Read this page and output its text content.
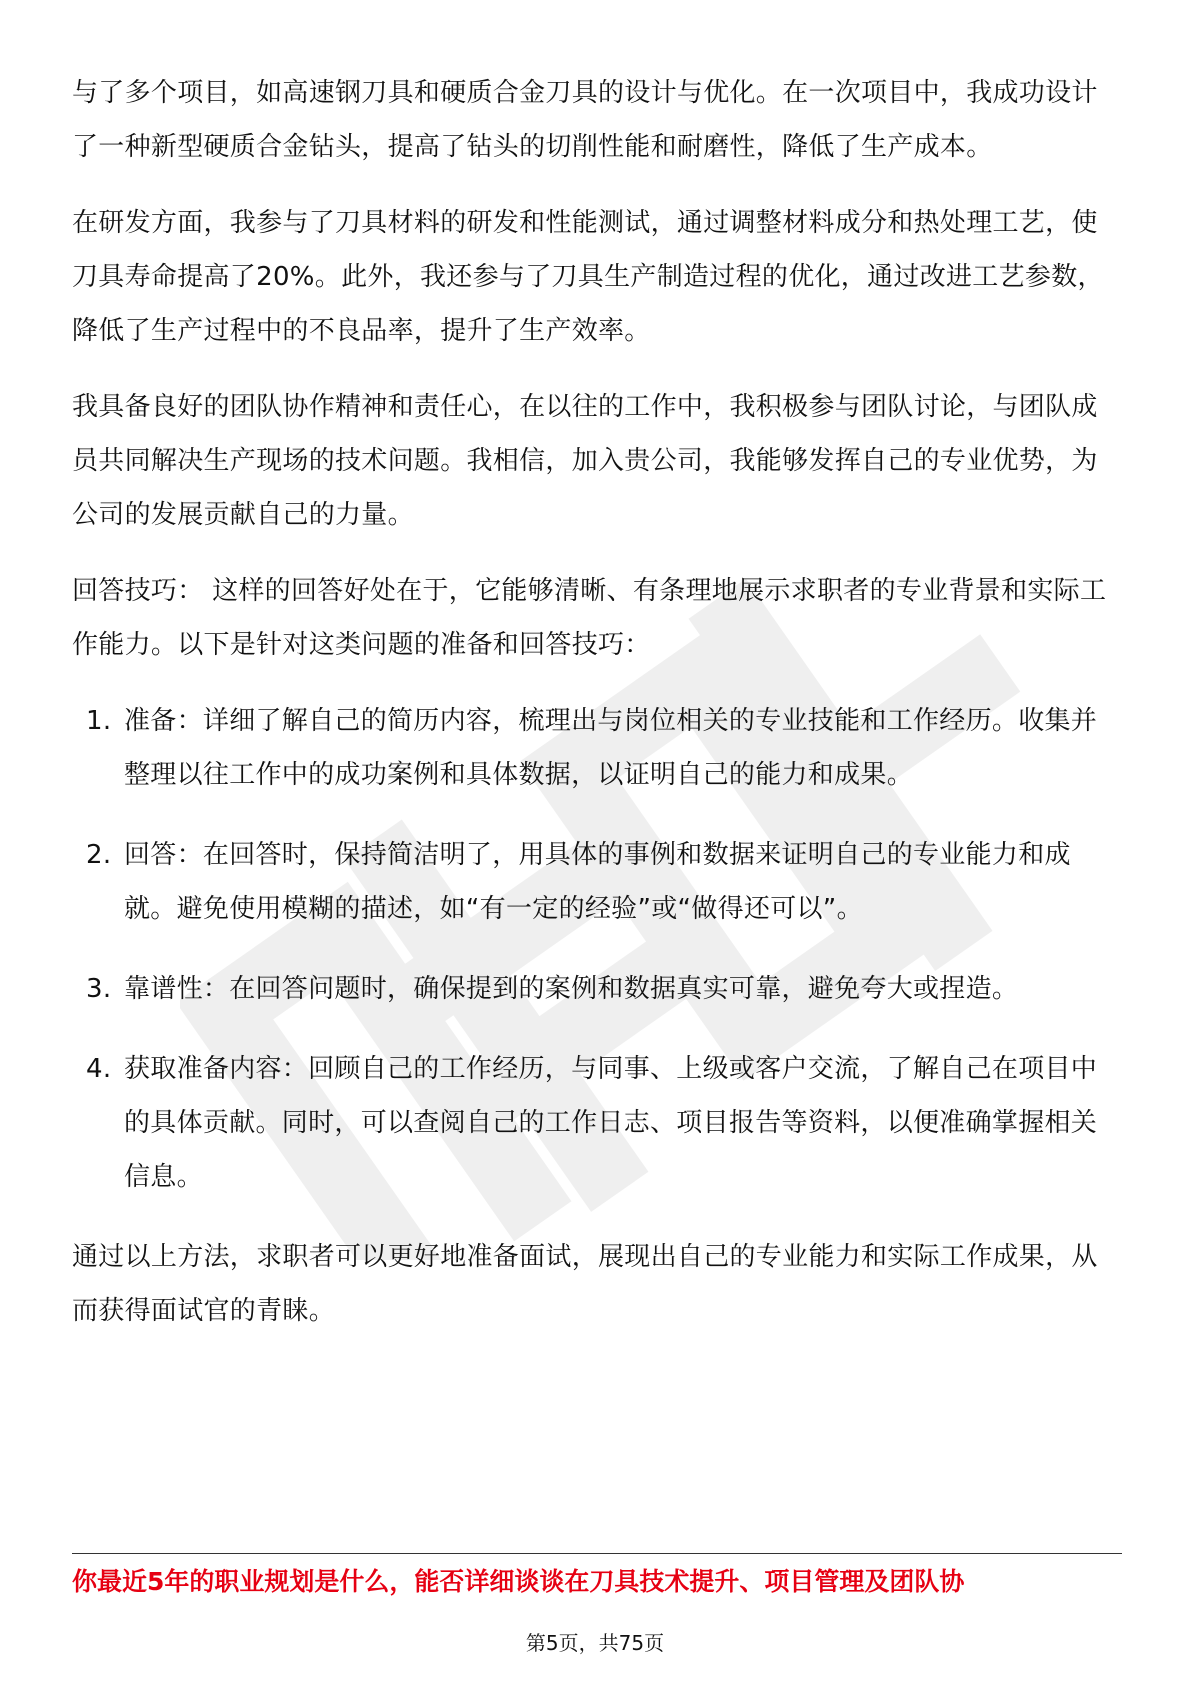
与了多个项目，如高速钢刀具和硬质合金刀具的设计与优化。在一次项目中，我成功设计了一种新型硬质合金钻头，提高了钻头的切削性能和耐磨性，降低了生产成本。

在研发方面，我参与了刀具材料的研发和性能测试，通过调整材料成分和热处理工艺，使刀具寿命提高了20%。此外，我还参与了刀具生产制造过程的优化，通过改进工艺参数，降低了生产过程中的不良品率，提升了生产效率。

我具备良好的团队协作精神和责任心，在以往的工作中，我积极参与团队讨论，与团队成员共同解决生产现场的技术问题。我相信，加入贵公司，我能够发挥自己的专业优势，为公司的发展贡献自己的力量。

回答技巧： 这样的回答好处在于，它能够清晰、有条理地展示求职者的专业背景和实际工作能力。以下是针对这类问题的准备和回答技巧：

1. 准备：详细了解自己的简历内容，梳理出与岗位相关的专业技能和工作经历。收集并整理以往工作中的成功案例和具体数据，以证明自己的能力和成果。
2. 回答：在回答时，保持简洁明了，用具体的事例和数据来证明自己的专业能力和成就。避免使用模糊的描述，如“有一定的经验”或“做得还可以”。
3. 靠谱性：在回答问题时，确保提到的案例和数据真实可靠，避免夸大或捏造。
4. 获取准备内容：回顾自己的工作经历，与同事、上级或客户交流，了解自己在项目中的具体贡献。同时，可以查阅自己的工作日志、项目报告等资料，以便准确掌握相关信息。

通过以上方法，求职者可以更好地准备面试，展现出自己的专业能力和实际工作成果，从而获得面试官的青睐。

你最近5年的职业规划是什么，能否详细谈谈在刀具技术提升、项目管理及团队协
第5页，共75页
